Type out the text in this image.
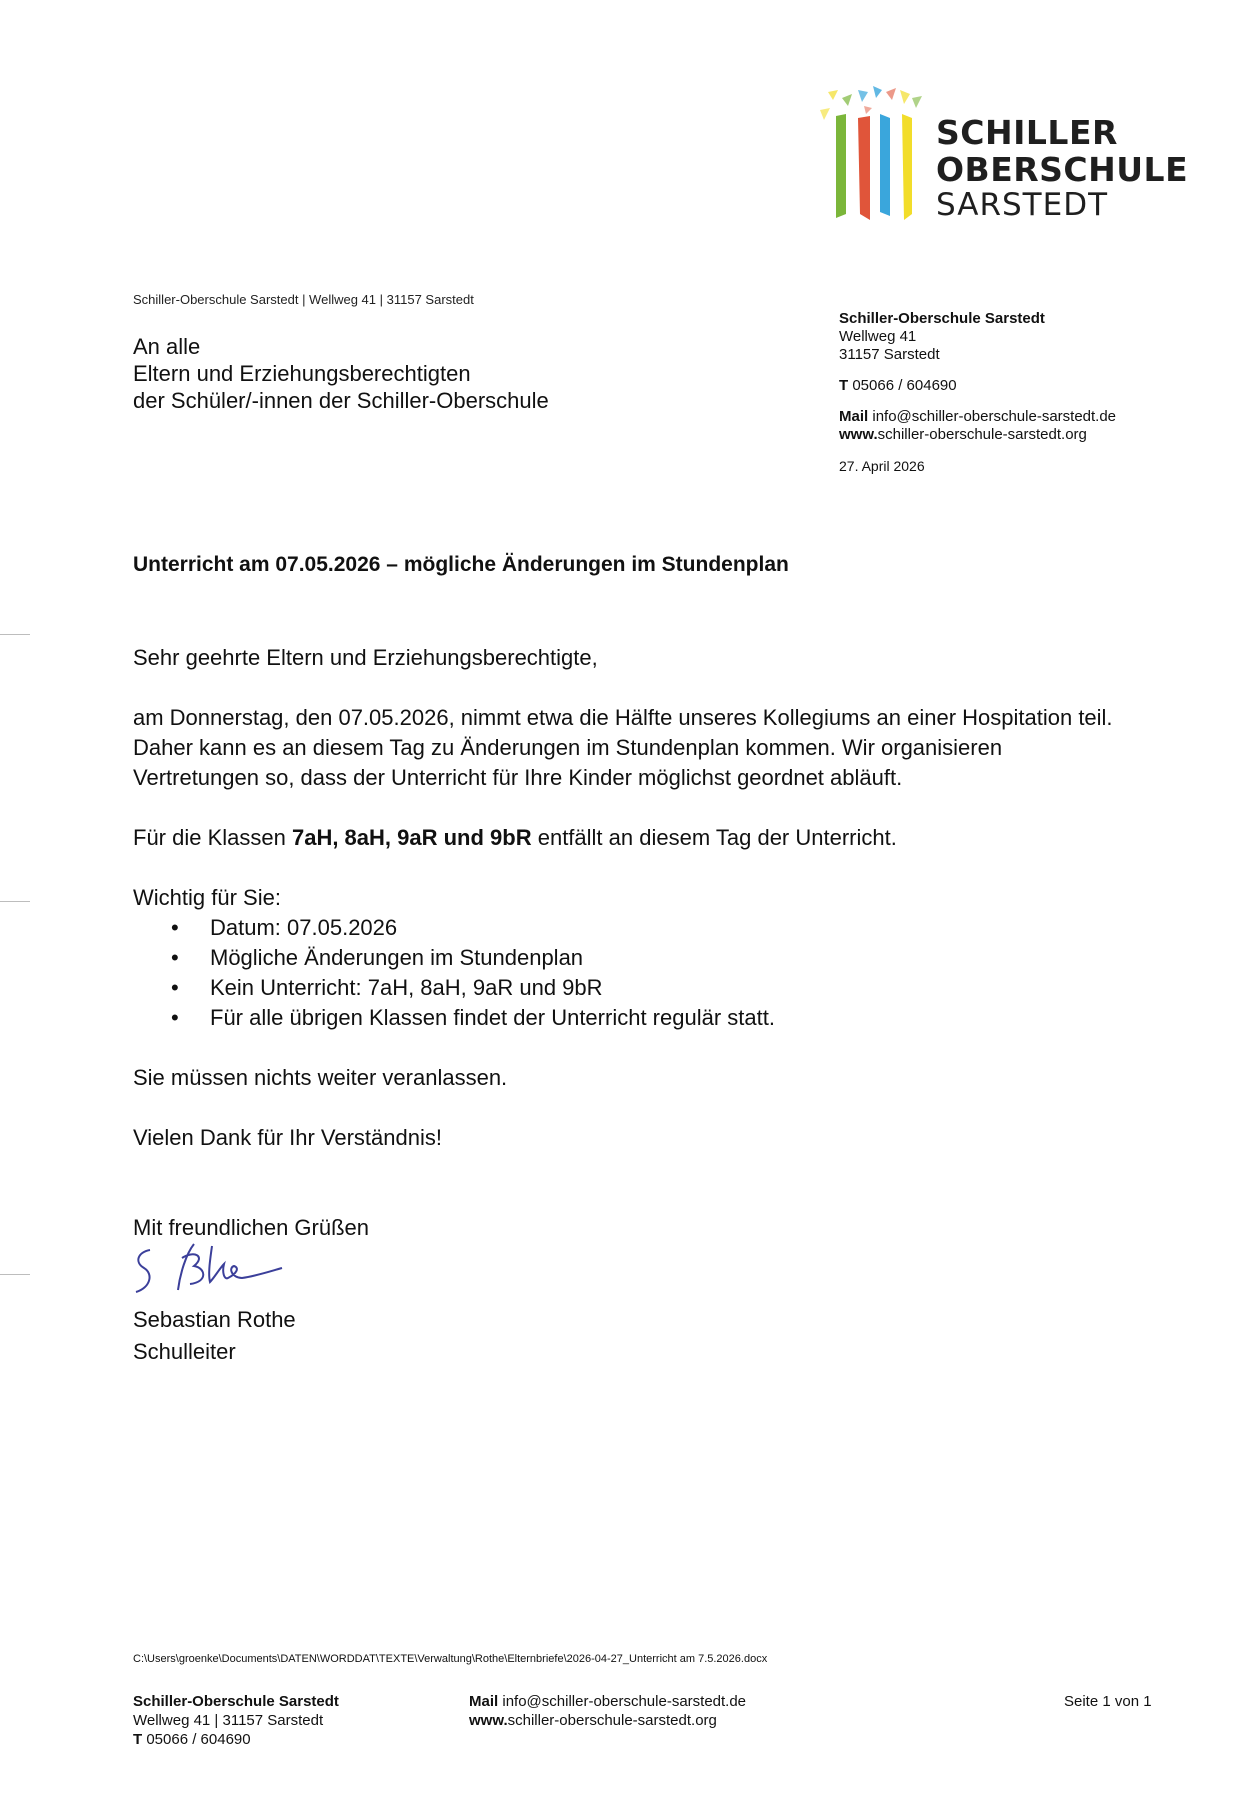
SCHILLER
OBERSCHULE
SARSTEDT
Schiller-Oberschule Sarstedt | Wellweg 41 | 31157 Sarstedt
An alle
Eltern und Erziehungsberechtigten
der Schüler/-innen der Schiller-Oberschule
Schiller-Oberschule Sarstedt
Wellweg 41
31157 Sarstedt
T 05066 / 604690
Mail info@schiller-oberschule-sarstedt.de
www.schiller-oberschule-sarstedt.org
27. April 2026
Unterricht am 07.05.2026 – mögliche Änderungen im Stundenplan

Sehr geehrte Eltern und Erziehungsberechtigte,

am Donnerstag, den 07.05.2026, nimmt etwa die Hälfte unseres Kollegiums an einer Hospitation teil.
Daher kann es an diesem Tag zu Änderungen im Stundenplan kommen. Wir organisieren
Vertretungen so, dass der Unterricht für Ihre Kinder möglichst geordnet abläuft.

Für die Klassen 7aH, 8aH, 9aR und 9bR entfällt an diesem Tag der Unterricht.

Wichtig für Sie:

• Datum: 07.05.2026
• Mögliche Änderungen im Stundenplan
• Kein Unterricht: 7aH, 8aH, 9aR und 9bR
• Für alle übrigen Klassen findet der Unterricht regulär statt.

Sie müssen nichts weiter veranlassen.

Vielen Dank für Ihr Verständnis!

Mit freundlichen Grüßen

Sebastian Rothe
Schulleiter
C:\Users\groenke\Documents\DATEN\WORDDAT\TEXTE\Verwaltung\Rothe\Elternbriefe\2026-04-27_Unterricht am 7.5.2026.docx
Schiller-Oberschule Sarstedt
Wellweg 41 | 31157 Sarstedt
T 05066 / 604690
Mail info@schiller-oberschule-sarstedt.de
www.schiller-oberschule-sarstedt.org
Seite 1 von 1
